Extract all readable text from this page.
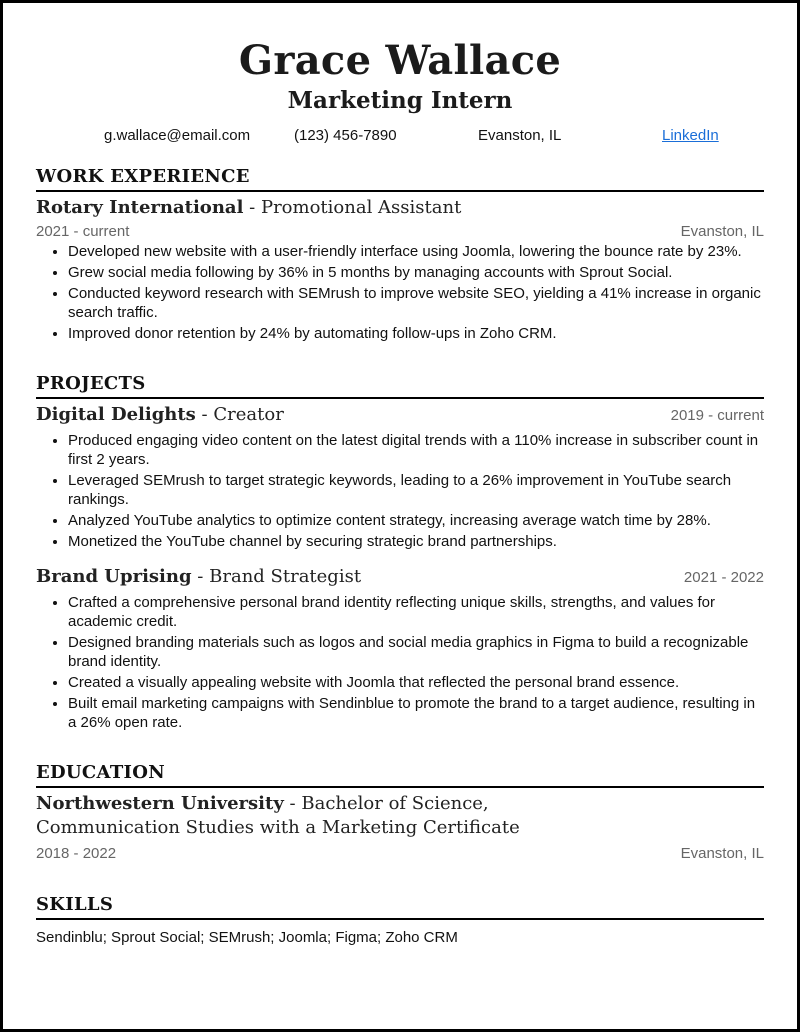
Grace Wallace
Marketing Intern
g.wallace@email.com	(123) 456-7890	Evanston, IL	LinkedIn
WORK EXPERIENCE
Rotary International - Promotional Assistant
2021 - current	Evanston, IL
• Developed new website with a user-friendly interface using Joomla, lowering the bounce rate by 23%.
• Grew social media following by 36% in 5 months by managing accounts with Sprout Social.
• Conducted keyword research with SEMrush to improve website SEO, yielding a 41% increase in organic search traffic.
• Improved donor retention by 24% by automating follow-ups in Zoho CRM.
PROJECTS
Digital Delights - Creator	2019 - current
• Produced engaging video content on the latest digital trends with a 110% increase in subscriber count in first 2 years.
• Leveraged SEMrush to target strategic keywords, leading to a 26% improvement in YouTube search rankings.
• Analyzed YouTube analytics to optimize content strategy, increasing average watch time by 28%.
• Monetized the YouTube channel by securing strategic brand partnerships.
Brand Uprising - Brand Strategist	2021 - 2022
• Crafted a comprehensive personal brand identity reflecting unique skills, strengths, and values for academic credit.
• Designed branding materials such as logos and social media graphics in Figma to build a recognizable brand identity.
• Created a visually appealing website with Joomla that reflected the personal brand essence.
• Built email marketing campaigns with Sendinblue to promote the brand to a target audience, resulting in a 26% open rate.
EDUCATION
Northwestern University - Bachelor of Science,
Communication Studies with a Marketing Certificate
2018 - 2022	Evanston, IL
SKILLS
Sendinblu; Sprout Social; SEMrush; Joomla; Figma; Zoho CRM
